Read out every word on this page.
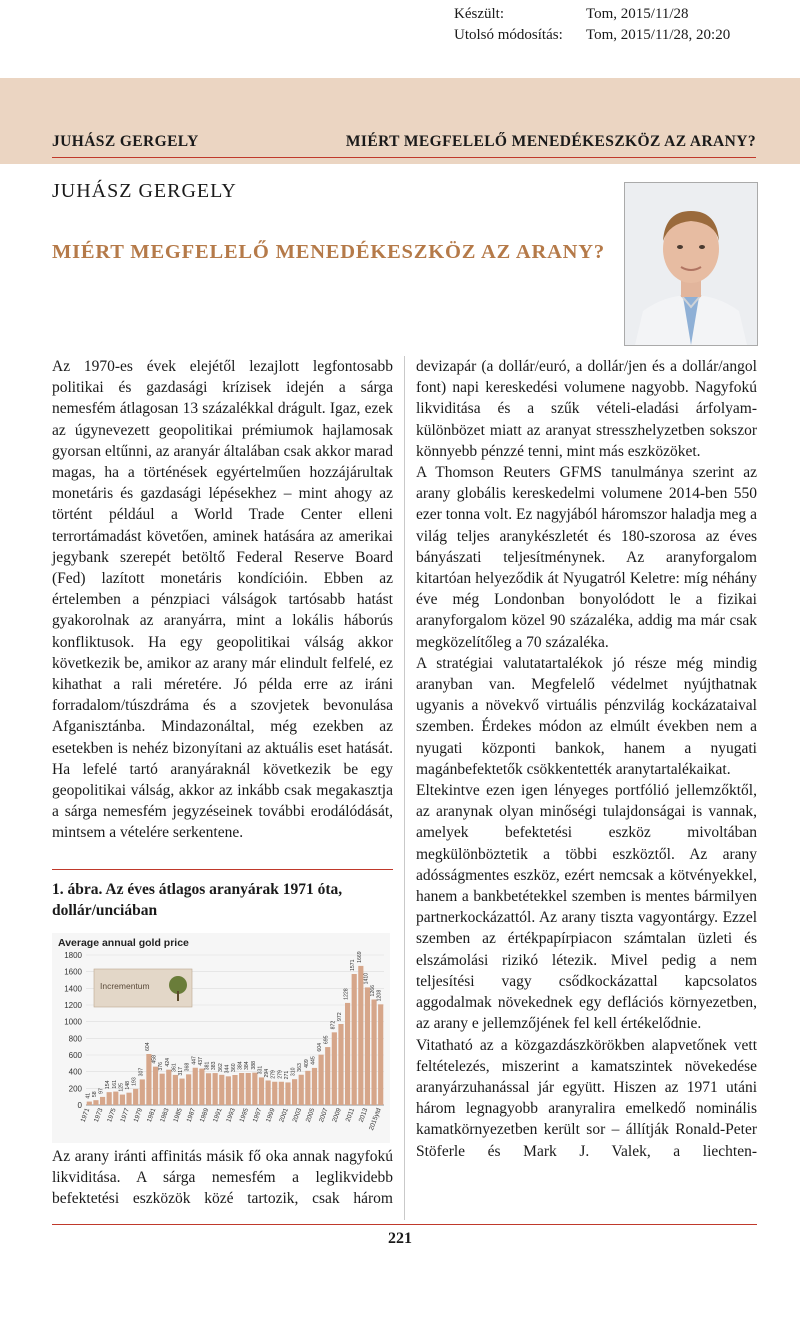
Készült:	Tom, 2015/11/28
Utolsó módosítás:	Tom, 2015/11/28, 20:20
JUHÁSZ GERGELY	MIÉRT MEGFELELŐ MENEDÉKESZKÖZ AZ ARANY?
JUHÁSZ GERGELY
MIÉRT MEGFELELŐ MENEDÉKESZKÖZ AZ ARANY?

Az 1970-es évek elejétől lezajlott legfontosabb politikai és gazdasági krízisek idején a sárga nemesfém átlagosan 13 százalékkal drágult. Igaz, ezek az úgynevezett geopolitikai prémiumok hajlamosak gyorsan eltűnni, az aranyár általában csak akkor marad magas, ha a történések egyértelműen hozzájárultak monetáris és gazdasági lépésekhez – mint ahogy az történt például a World Trade Center elleni terrortámadást követően, aminek hatására az amerikai jegybank szerepét betöltő Federal Reserve Board (Fed) lazított monetáris kondícióin. Ebben az értelemben a pénzpiaci válságok tartósabb hatást gyakorolnak az aranyárra, mint a lokális háborús konfliktusok. Ha egy geopolitikai válság akkor következik be, amikor az arany már elindult felfelé, ez kihathat a rali méretére. Jó példa erre az iráni forradalom/túszdráma és a szovjetek bevonulása Afganisztánba. Mindazonáltal, még ezekben az esetekben is nehéz bizonyítani az aktuális eset hatását. Ha lefelé tartó aranyáraknál következik be egy geopolitikai válság, akkor az inkább csak megakasztja a sárga nemesfém jegyzéseinek további erodálódását, mintsem a vételére serkentene.

1. ábra. Az éves átlagos aranyárak 1971 óta, dollár/unciában
Average annual gold price
0
200
400
600
800
1000
1200
1400
1600
1800
41 58
97
154 161 125 148 193
307
604
458
376 424
361 317 368
447 437
381 383 362 344 360 384 384 388
331 294 279 279 271 310
363 409 445
604
695
872
972
1228
1571
1669
1410
1266 1208
1971 1973 1975 1977 1979 1981 1983 1985 1987 1989 1991 1993 1995 1997 1999 2001 2003 2005 2007 2009 2011 2013
2015ytd
Incrementum

Az arany iránti affinitás másik fő oka annak nagyfokú likviditása. A sárga nemesfém a leglikvidebb befektetési eszközök közé tartozik, csak három

devizapár (a dollár/euró, a dollár/jen és a dollár/angol font) napi kereskedési volumene nagyobb. Nagyfokú likviditása és a szűk vételi-eladási árfolyam-különbözet miatt az aranyat stresszhelyzetben sokszor könnyebb pénzzé tenni, mint más eszközöket.

A Thomson Reuters GFMS tanulmánya szerint az arany globális kereskedelmi volumene 2014-ben 550 ezer tonna volt. Ez nagyjából háromszor haladja meg a világ teljes aranykészletét és 180-szorosa az éves bányászati teljesítménynek. Az aranyforgalom kitartóan helyeződik át Nyugatról Keletre: míg néhány éve még Londonban bonyolódott le a fizikai aranyforgalom közel 90 százaléka, addig ma már csak megközelítőleg a 70 százaléka.

A stratégiai valutatartalékok jó része még mindig aranyban van. Megfelelő védelmet nyújthatnak ugyanis a növekvő virtuális pénzvilág kockázataival szemben. Érdekes módon az elmúlt években nem a nyugati központi bankok, hanem a nyugati magánbefektetők csökkentették aranytartalékaikat.

Eltekintve ezen igen lényeges portfólió jellemzőktől, az aranynak olyan minőségi tulajdonságai is vannak, amelyek befektetési eszköz mivoltában megkülönböztetik a többi eszköztől. Az arany adósságmentes eszköz, ezért nemcsak a kötvényekkel, hanem a bankbetétekkel szemben is mentes bármilyen partnerkockázattól. Az arany tiszta vagyontárgy. Ezzel szemben az értékpapírpiacon számtalan üzleti és elszámolási rizikó létezik. Mivel pedig a nem teljesítési vagy csődkockázattal kapcsolatos aggodalmak növekednek egy deflációs környezetben, az arany e jellemzőjének fel kell értékelődnie.

Vitatható az a közgazdászkörökben alapvetőnek vett feltételezés, miszerint a kamatszintek növekedése aranyárzuhanással jár együtt. Hiszen az 1971 utáni három legnagyobb aranyralira emelkedő nominális kamatkörnyezetben került sor – állítják Ronald-Peter Stöferle és Mark J. Valek, a liechten-

221
